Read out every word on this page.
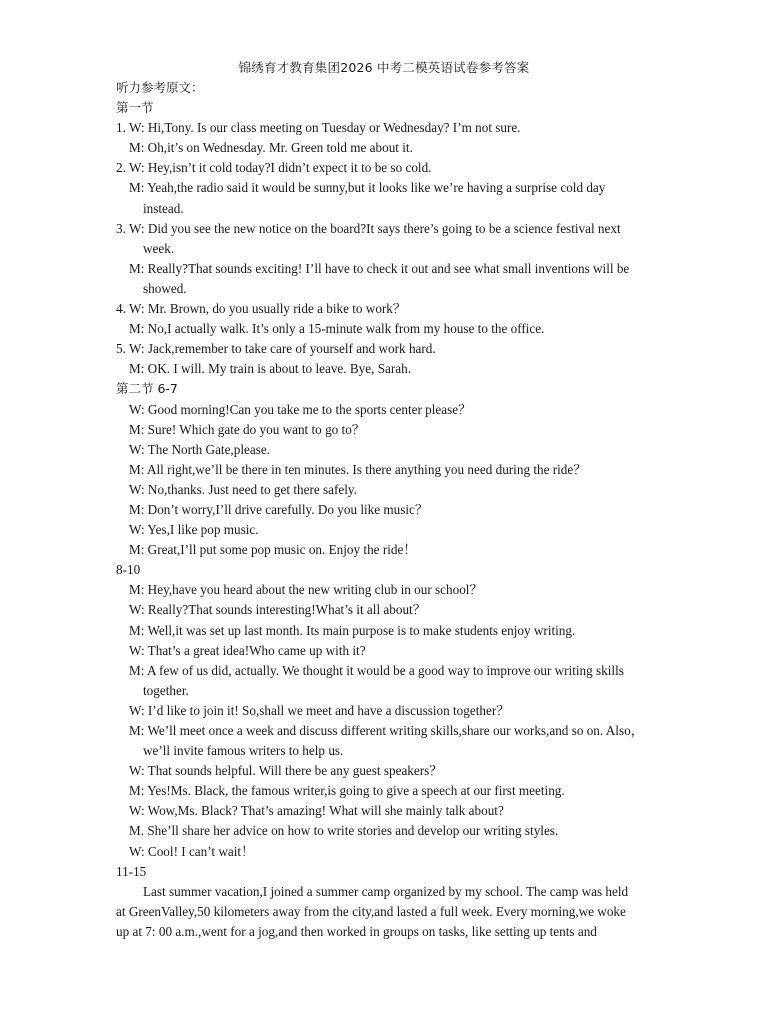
锦绣育才教育集团2026 中考二模英语试卷参考答案
听力参考原文：
第一节
1. W: Hi,Tony. Is our class meeting on Tuesday or Wednesday? I’m not sure.
M: Oh,it’s on Wednesday. Mr. Green told me about it.
2. W: Hey,isn’t it cold today?I didn’t expect it to be so cold.
M: Yeah,the radio said it would be sunny,but it looks like we’re having a surprise cold day
instead.
3. W: Did you see the new notice on the board?It says there’s going to be a science festival next
week.
M: Really?That sounds exciting! I’ll have to check it out and see what small inventions will be
showed.
4. W: Mr. Brown, do you usually ride a bike to work？
M: No,I actually walk. It’s only a 15-minute walk from my house to the office.
5. W: Jack,remember to take care of yourself and work hard.
M: OK. I will. My train is about to leave. Bye, Sarah.
第二节 6-7
W: Good morning!Can you take me to the sports center please？
M: Sure! Which gate do you want to go to？
W: The North Gate,please.
M: All right,we’ll be there in ten minutes. Is there anything you need during the ride？
W: No,thanks. Just need to get there safely.
M: Don’t worry,I’ll drive carefully. Do you like music？
W: Yes,I like pop music.
M: Great,I’ll put some pop music on. Enjoy the ride！
8-10
M: Hey,have you heard about the new writing club in our school？
W: Really?That sounds interesting!What’s it all about？
M: Well,it was set up last month. Its main purpose is to make students enjoy writing.
W: That’s a great idea!Who came up with it?
M: A few of us did, actually. We thought it would be a good way to improve our writing skills
together.
W: I’d like to join it! So,shall we meet and have a discussion together？
M: We’ll meet once a week and discuss different writing skills,share our works,and so on. Also，
we’ll invite famous writers to help us.
W: That sounds helpful. Will there be any guest speakers？
M: Yes!Ms. Black, the famous writer,is going to give a speech at our first meeting.
W: Wow,Ms. Black? That’s amazing! What will she mainly talk about?
M. She’ll share her advice on how to write stories and develop our writing styles.
W: Cool! I can’t wait！
11-15
Last summer vacation,I joined a summer camp organized by my school. The camp was held
at GreenValley,50 kilometers away from the city,and lasted a full week. Every morning,we woke
up at 7: 00 a.m.,went for a jog,and then worked in groups on tasks, like setting up tents and
